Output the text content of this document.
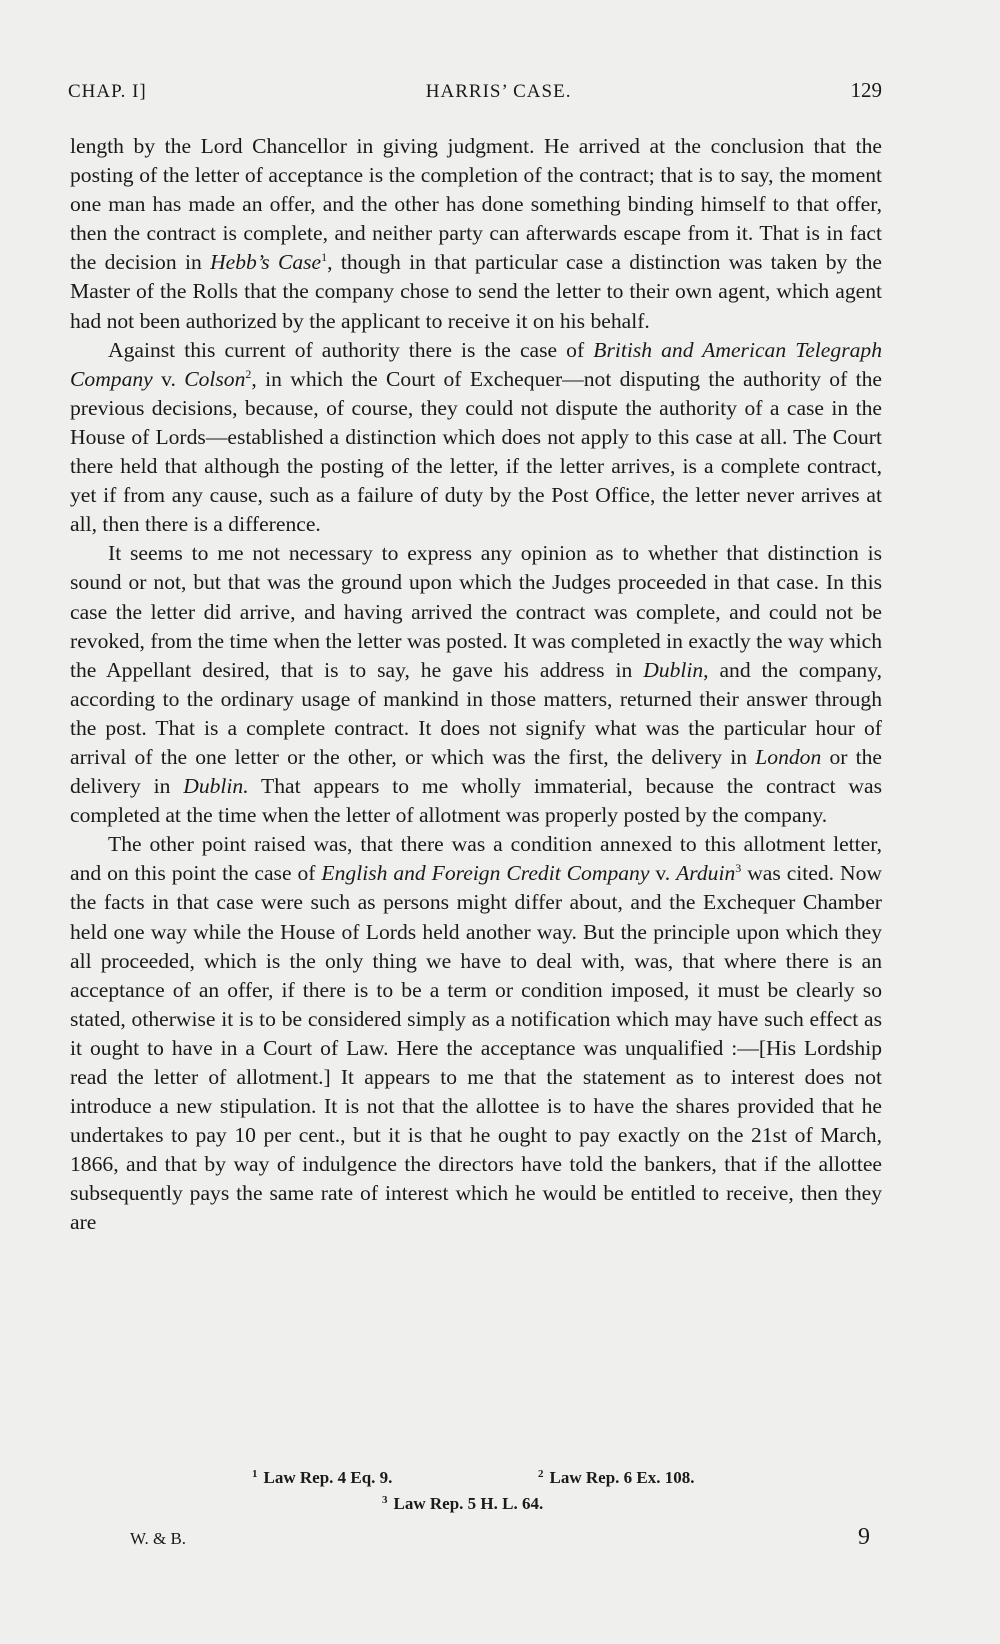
CHAP. I]	HARRIS’ CASE.	129

length by the Lord Chancellor in giving judgment. He arrived at the conclusion that the posting of the letter of acceptance is the completion of the contract; that is to say, the moment one man has made an offer, and the other has done something binding himself to that offer, then the contract is complete, and neither party can afterwards escape from it. That is in fact the decision in Hebb’s Case$^1$, though in that particular case a distinction was taken by the Master of the Rolls that the company chose to send the letter to their own agent, which agent had not been authorized by the applicant to receive it on his behalf.

Against this current of authority there is the case of British and American Telegraph Company v. Colson$^2$, in which the Court of Exchequer—not disputing the authority of the previous decisions, because, of course, they could not dispute the authority of a case in the House of Lords—established a distinction which does not apply to this case at all. The Court there held that although the posting of the letter, if the letter arrives, is a complete contract, yet if from any cause, such as a failure of duty by the Post Office, the letter never arrives at all, then there is a difference.

It seems to me not necessary to express any opinion as to whether that distinction is sound or not, but that was the ground upon which the Judges proceeded in that case. In this case the letter did arrive, and having arrived the contract was complete, and could not be revoked, from the time when the letter was posted. It was completed in exactly the way which the Appellant desired, that is to say, he gave his address in Dublin, and the company, according to the ordinary usage of mankind in those matters, returned their answer through the post. That is a complete contract. It does not signify what was the particular hour of arrival of the one letter or the other, or which was the first, the delivery in London or the delivery in Dublin. That appears to me wholly immaterial, because the contract was completed at the time when the letter of allotment was properly posted by the company.

The other point raised was, that there was a condition annexed to this allotment letter, and on this point the case of English and Foreign Credit Company v. Arduin$^3$ was cited. Now the facts in that case were such as persons might differ about, and the Exchequer Chamber held one way while the House of Lords held another way. But the principle upon which they all proceeded, which is the only thing we have to deal with, was, that where there is an acceptance of an offer, if there is to be a term or condition imposed, it must be clearly so stated, otherwise it is to be considered simply as a notification which may have such effect as it ought to have in a Court of Law. Here the acceptance was unqualified :—[His Lordship read the letter of allotment.] It appears to me that the statement as to interest does not introduce a new stipulation. It is not that the allottee is to have the shares provided that he undertakes to pay 10 per cent., but it is that he ought to pay exactly on the 21st of March, 1866, and that by way of indulgence the directors have told the bankers, that if the allottee subsequently pays the same rate of interest which he would be entitled to receive, then they are

$^1$ Law Rep. 4 Eq. 9.	$^2$ Law Rep. 6 Ex. 108.
$^3$ Law Rep. 5 H. L. 64.
W. & B.	9
